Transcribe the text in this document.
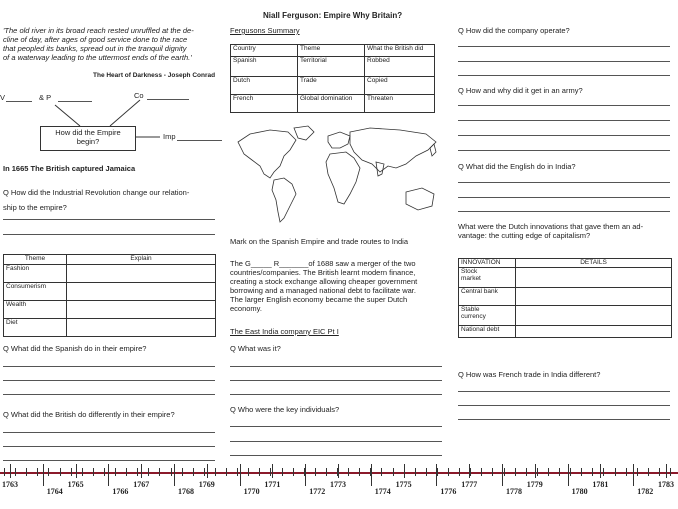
'The old river in its broad reach rested unruffled at the de-
cline of day, after ages of good service done to the race
that peopled its banks, spread out in the tranquil dignity
of a waterway leading to the uttermost ends of the earth.'
The Heart of Darkness - Joseph Conrad
Niall Ferguson: Empire Why Britain?
Fergusons Summary
Country	Theme	What the British did
Spanish	Territorial	Robbed
Dutch	Trade	Copied
French	Global domination	Threaten
Q How did the company operate?
Q How and why did it get in an army?
Q What did the English do in India?
What were the Dutch innovations that gave them an ad-
vantage: the cutting edge of capitalism?
V	& P	Co
How did the Empire
begin?
Imp
In 1665 The British captured Jamaica
Q How did the Industrial Revolution change our relation-
ship to the empire?
Mark on the Spanish Empire and trade routes to India
Theme	Explain
Fashion	
Consumerism	
Wealth	
Diet	
The G_____ R_______of 1688 saw a merger of the two
countries/companies. The British learnt modern finance,
creating a stock exchange allowing cheaper government
borrowing and a managed national debt to facilitate war.
The larger English economy became the super Dutch
economy.
The East India company EIC Pt I
Q What was it?
Q Who were the key individuals?
Q What did the Spanish do in their empire?
Q What did the British do differently in their empire?
INNOVATION	DETAILS

Stock
market	

Central bank	

Stable
currency	

National debt	
Q How was French trade in India different?
1763
1764
1765
1766
1767
1768
1769
1770
1771
1772
1773
1774
1775
1776
1777
1778
1779
1780
1781
1782
1783
